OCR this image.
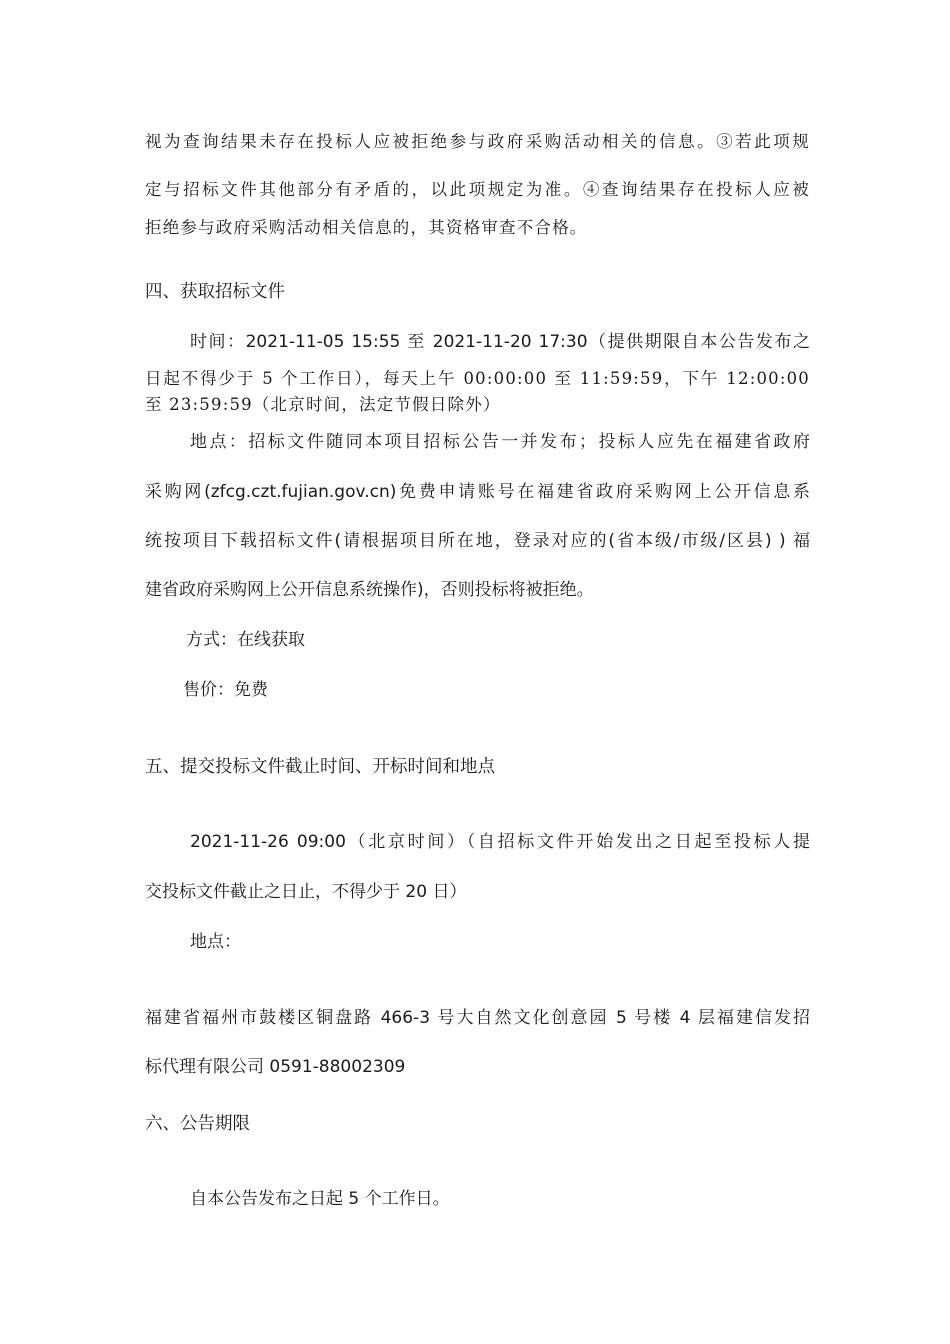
视为查询结果未存在投标人应被拒绝参与政府采购活动相关的信息。③若此项规
定与招标文件其他部分有矛盾的，以此项规定为准。④查询结果存在投标人应被
拒绝参与政府采购活动相关信息的，其资格审查不合格。
四、获取招标文件
时间：2021-11-05 15:55 至 2021-11-20 17:30（提供期限自本公告发布之
日起不得少于 5 个工作日），每天上午 00:00:00 至 11:59:59，下午 12:00:00
至 23:59:59（北京时间，法定节假日除外）
地点：招标文件随同本项目招标公告一并发布；投标人应先在福建省政府
采购网(zfcg.czt.fujian.gov.cn)免费申请账号在福建省政府采购网上公开信息系
统按项目下载招标文件(请根据项目所在地，登录对应的(省本级/市级/区县) ) 福
建省政府采购网上公开信息系统操作)，否则投标将被拒绝。
方式：在线获取
售价：免费
五、提交投标文件截止时间、开标时间和地点
2021-11-26 09:00（北京时间）（自招标文件开始发出之日起至投标人提
交投标文件截止之日止，不得少于 20 日）
地点：
福建省福州市鼓楼区铜盘路 466-3 号大自然文化创意园 5 号楼 4 层福建信发招
标代理有限公司 0591-88002309
六、公告期限
自本公告发布之日起 5 个工作日。
